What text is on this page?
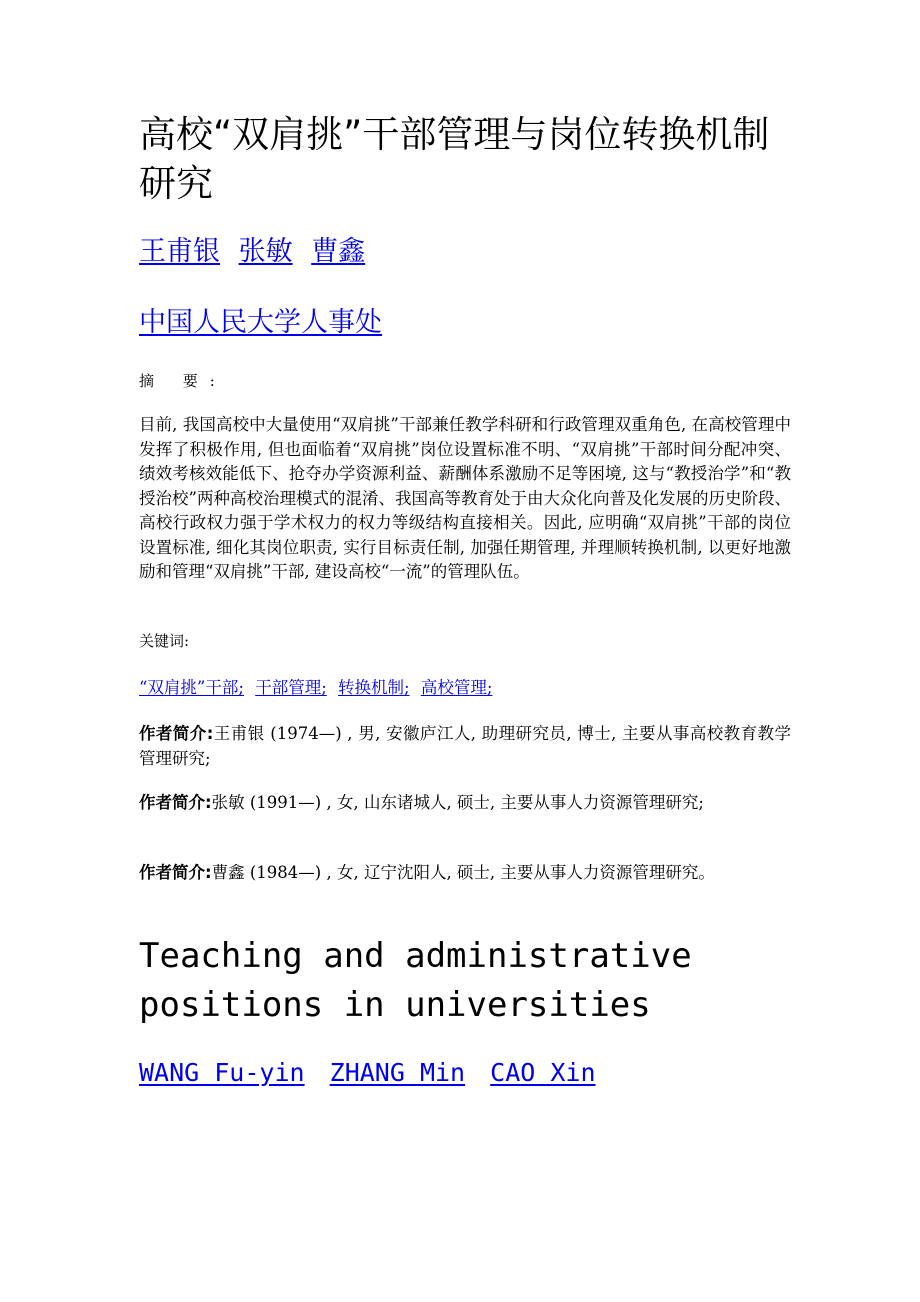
高校“双肩挑”干部管理与岗位转换机制研究
王甫银 张敏 曹鑫
中国人民大学人事处
摘 要:

目前, 我国高校中大量使用“双肩挑”干部兼任教学科研和行政管理双重角色, 在高校管理中发挥了积极作用, 但也面临着“双肩挑”岗位设置标准不明、“双肩挑”干部时间分配冲突、绩效考核效能低下、抢夺办学资源利益、薪酬体系激励不足等困境, 这与“教授治学”和“教授治校”两种高校治理模式的混淆、我国高等教育处于由大众化向普及化发展的历史阶段、高校行政权力强于学术权力的权力等级结构直接相关。因此, 应明确“双肩挑”干部的岗位设置标准, 细化其岗位职责, 实行目标责任制, 加强任期管理, 并理顺转换机制, 以更好地激励和管理“双肩挑”干部, 建设高校“一流”的管理队伍。

关键词:
“双肩挑”干部; 干部管理; 转换机制; 高校管理;

作者简介:王甫银 (1974—) , 男, 安徽庐江人, 助理研究员, 博士, 主要从事高校教育教学管理研究;

作者简介:张敏 (1991—) , 女, 山东诸城人, 硕士, 主要从事人力资源管理研究;

作者简介:曹鑫 (1984—) , 女, 辽宁沈阳人, 硕士, 主要从事人力资源管理研究。

Teaching and administrative positions in universities
WANG Fu-yin ZHANG Min CAO Xin
